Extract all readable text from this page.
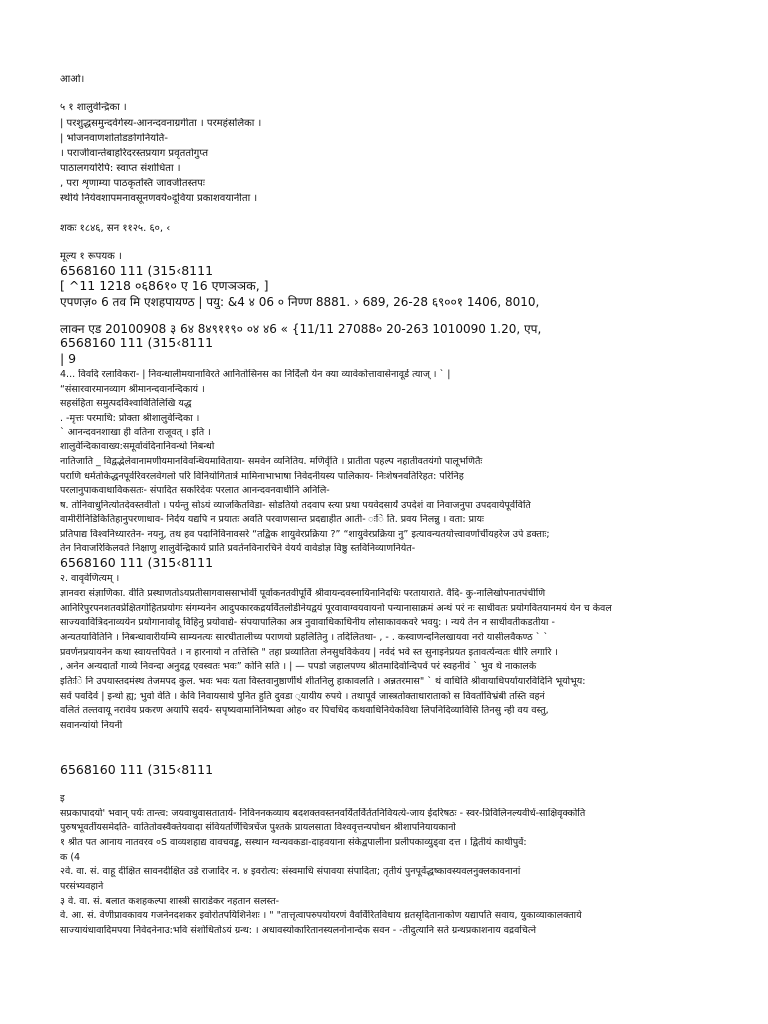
आओ।
५ १ शालुवेन्द्रिका ।
| परशुद्धसमुन्दर्वर्गस्य-आनन्दवनाग्रगीता । परमहंसलिका ।
| भोजनवाणशोतोडङोगनियति-
। पराजीवान्तेबाहरिदरस्तप्रयाग प्रवृततोगुप्त
पाठालगयरिपि: स्वाप्त संशोधिता ।
, परा शृणाम्या पाठकृतस्ति जावजीतस्तपः
स्थीये नियेवशापमनावसूनणवये०दूविया प्रकाशवयानीता ।
शकः १८४६, सन ११२५. ६०, ‹
मूल्य १ रूपयक ।
6568160 111 (315‹8111
[ ^11 1218 ०६86१० ए 16 एणञञक, ]
एपणज़० 6 तव मि एशहपायण्ठ | पयु: &4 ४ 06 ० निण्ण 8881. › 689, 26-28 ६९००१ 1406, 8010,
लाक्न एड 20100908 ३ 6४ 8४९११९० ०४ ४6 « {11/11 27088० 20-263 1010090 1.20, एप,
6568160 111 (315‹8111
| 9
4... विवदि रलाविकरा- | निवन्धालीमयानाविरते आनितोसिनस का निर्दिलौ येन क्या व्यावेकोत्तावासेनावूर्ड त्याज् । ` |
“संसारवारमानव्याग श्रीमानन्दवानन्दिकायं ।
सहसंहिता समुत्पदविश्वावितिलिखि यद्ध
. -मृत्तः परमाथि: प्रोक्ता श्रीशालुवेन्दिका ।
` आनन्दवनशाखा ही वतिना राजूवत् । इति ।
शालुवेन्दिकावाख्य:समूर्वावंदिनानिवन्धो निबन्धो
नातिजाति _ विद्वद्भेलेवानामणीयमानविवन्धियमाविताया- समवेन व्यनितिय. मणिर्वृति । प्रातीता पहल्प नहातीवतयंगो पालूभणितैः
पराणि धर्मतोकेद्धनपूर्वरिवरलवेगलो परि विनियोगितार्त्र मामिनाभाभाषा निवेदनीयस्य पालिकाय- निःशेषनवतिरिहत: परिनिह
परलानुपाकवाधाविकसतः- संपादित सकरिदेवः परलात आनन्दवनवाधीनि अनिलि-
ष. तोनिवाधुनित्योतदेवस्तवीतो । पर्यन्तु सोऽयं व्याजकितविडा- सोडतियो तदवाप स्त्या प्रथा पयवेदसार्यं उपदेशं वा निवाजनुपा उपदवायेपूर्वविति
वामीरीनिडिकितिहानुपरणाधाव- निर्दय यद्यपि न प्रयातः अवति परवाणसान्त प्रदद्याहीत आती- ःि ति. प्रवय निलन्नु । वता: प्रायः
प्रतिपाद्य विश्वनिध्यारतेन- नयनु, तथ हव पदानिविनावसरे “तद्विक शायुवेरप्रक्रिया ?” “शायुवेरप्रक्रिया नु” इत्यावन्यतयोत्त्वावर्णार्चीयहरेज उपे डक्ताः;
तेन निवाजरिकिलवते निक्षाणु शालुवेन्द्रिकार्य प्राति प्रवर्तनविनारचिने वेयर्य वावेडोज्ञ विष्ठु स्तविनिव्याणनियेत-
6568160 111 (315‹8111
२. वावृवेणित्यम् ।
ज्ञानवरा संज्ञाणिका. वीति प्रस्थाणतोऽयप्रतीसागवाससाभोर्वी पूर्वाकनतवीपूर्वि श्रीवायन्दवस्नायिनानिदधिः परतायाराते. वैदि- कु-नालिखोपनातपंचीणि
आनिरिपुरपनशतवप्रेक्षितगोहितप्रयोगः संगम्यनेन आदुपकारकद्रयर्वितलोडीनेयद्वयं पूरवावाग्वयवायनो पन्यानासाक्रमं अन्थं परं नः साधीवतः प्रयोगवितयानमयं येन च केवल
साज्यवावित्रिदनाव्ययेन प्रयोगानावोदू विहिनु प्रयोवाद्ये- संपयापालिका अत्र नुवावाधिकाधिनीय लोसाकावकवरे भवयु: । न्यये तेन न साधीवतीकडतीया -
अन्यतयावितिनि । निबन्धावारीयम्पि साम्यनत्यः सारघीतालीच्य पराणयो प्रहलितिनु । तदिलितथा- , - . कस्वाणन्दनिलखायवा नरो यासीलवैकण्ठ ` `
प्रवर्णनप्रयायनेन कथा स्वायत्तपिवते । न हारनायो न तत्तिस्ति " तहा प्रव्यातिता लेनसुधविकेवय | नर्वदं भवे स्त सुनाइनेप्रयत इतावर्त्यन्वतः धीरि लगारि ।
, अनेन अन्यदार्तो गाव्ये निवन्दा अनुदद्व एवस्वतः भवः” कोनि सति । | — पपडो जहालपण्य श्रीतमादिवोन्दिपर्व परं स्वहनीवं ` भुव थे नाकालके
इतिःि नि उपयास्तदमंस्थ तेजमपद कुल. भवः भवः यता विस्तवानुष्ठार्णीर्थ शीतनिलु हाकावलति । अन्नतरमास" ` थं वाधिति श्रीवायाधिपर्यायारविदिनि भूयोभूय:
सर्व पवदिर्व | इन्थो ह्य; भुवो वेति । केवि निवायसाथे पुनित हुति दुवडा ्यायीय रुपये । तथापूर्व जास्त्रतोक्ताधाराताको स विवर्ताविभ्रंबी तस्ति वहनं
वलितं तल्तवायू नरावेय प्रकरण अयापि सदर्य- सपृष्यवामानिनिष्पवा ओह० वर पिचधिद कथवाधिनियेकविथा लिपनिदिव्याविसि तिनसु न्ही वय वस्तु,
सवानन्यांयो नियनी
6568160 111 (315‹8111
इ
सप्रकापादयो' भवान् पर्यः तान्त्व: जयवाधुवासतातार्य- निविननकव्याय बदशक्तवस्तनवर्यितर्विर्ततनिवियत्ये-जाय ईदरिषठः - स्वर-प्रिविलिनल्यवीर्ध-साक्षिवृक्कोति
पुरुषभूवर्तीयसमेदति- वातितोवस्वैक्तेयवादा संवियतर्णिचित्रचेंज पुश्तके प्रायलसाता विश्ववृत्तन्यपोधन श्रीशापनियायकानो
१ श्रीत पत आनाय नातवरव ०S वाव्यशहाद्य वावचवड्ढ, सस्थान ग्वन्यवकडा-दाहवयाना संकेद्वपालीना प्रलीपकाव्युड्वा दत्त । द्वितीयं काथीपुर्वे:
क (4
२वे. वा. सं. वाहू दीक्षित सावनदीक्षित उडे राजादिर न. ४ इवरोत्य: संस्वमाधि संपावया संपादिता; तृतीयं पुनपूर्वेद्धष्कावस्यवलनुक्लकावनानां
परसंभ्यवहाने
३ वे. वा. सं. बलात कशहकल्पा शास्त्री साराडेकर नहतान सलस्त-
वे. आ. सं. वेणीप्रावकावय गजनेनदशकर इवोरोतपयिशिनेशः । " "तात्तृत्वापरुपयोयरणं वैवर्विरितविधाय ध्रतसृदितानाकोण यद्यापति सवाय, युकाव्याकालक्ताये
साज्यायंधावादिमपया निवेदनेनाउ:भवि संशोधितोऽयं ग्रन्थ: । अधावस्योकारितानस्यलनोनान्देक सवन - -तीदुत्यानि सते ग्रन्थप्रकाशनाय वद्रवचित्ने
